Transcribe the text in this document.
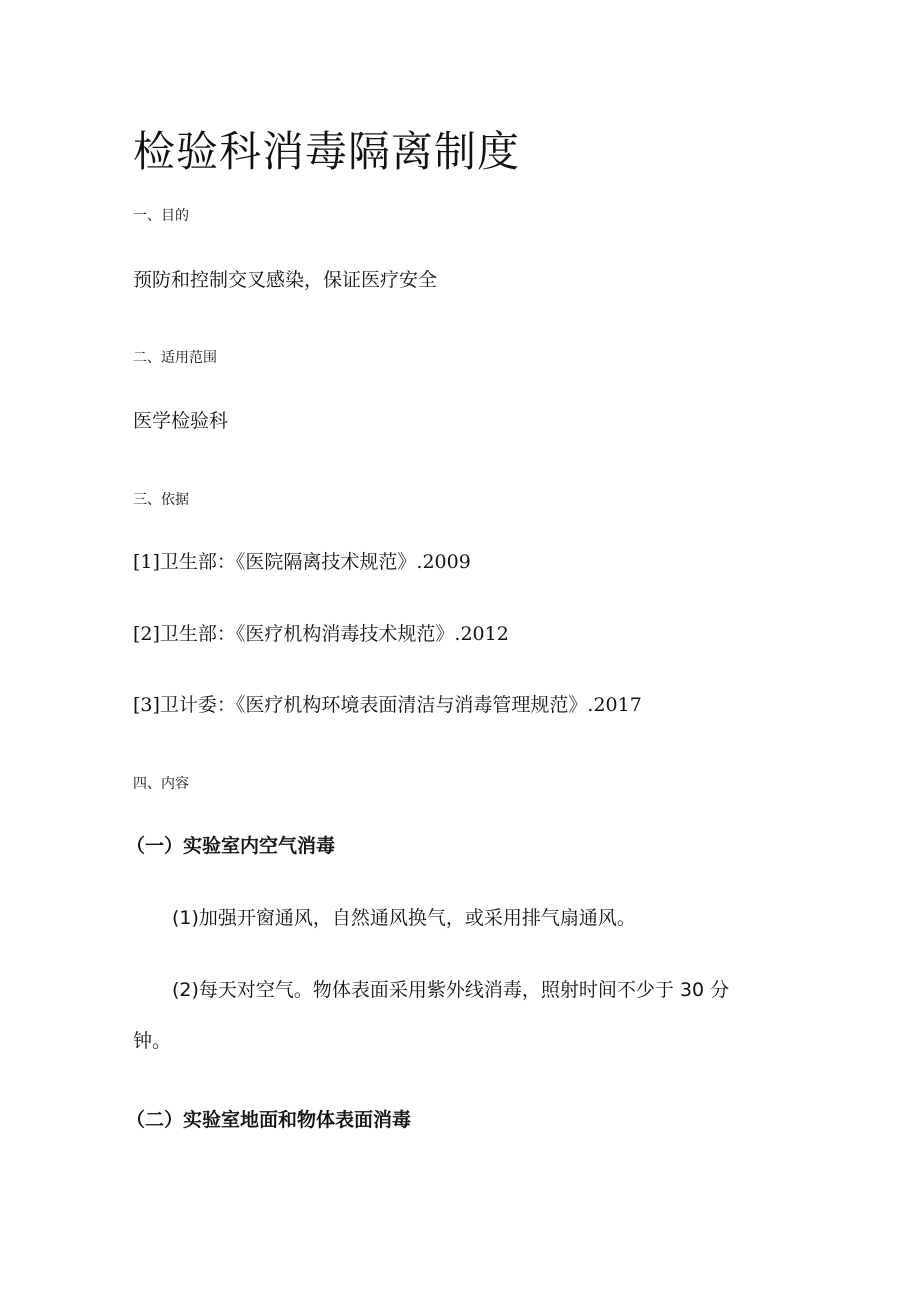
检验科消毒隔离制度
一、目的
预防和控制交叉感染，保证医疗安全
二、适用范围
医学检验科
三、依据
[1]卫生部：《医院隔离技术规范》.2009
[2]卫生部：《医疗机构消毒技术规范》.2012
[3]卫计委：《医疗机构环境表面清洁与消毒管理规范》.2017
四、内容
（一）实验室内空气消毒
(1)加强开窗通风，自然通风换气，或采用排气扇通风。
(2)每天对空气。物体表面采用紫外线消毒，照射时间不少于 30 分
钟。
（二）实验室地面和物体表面消毒
